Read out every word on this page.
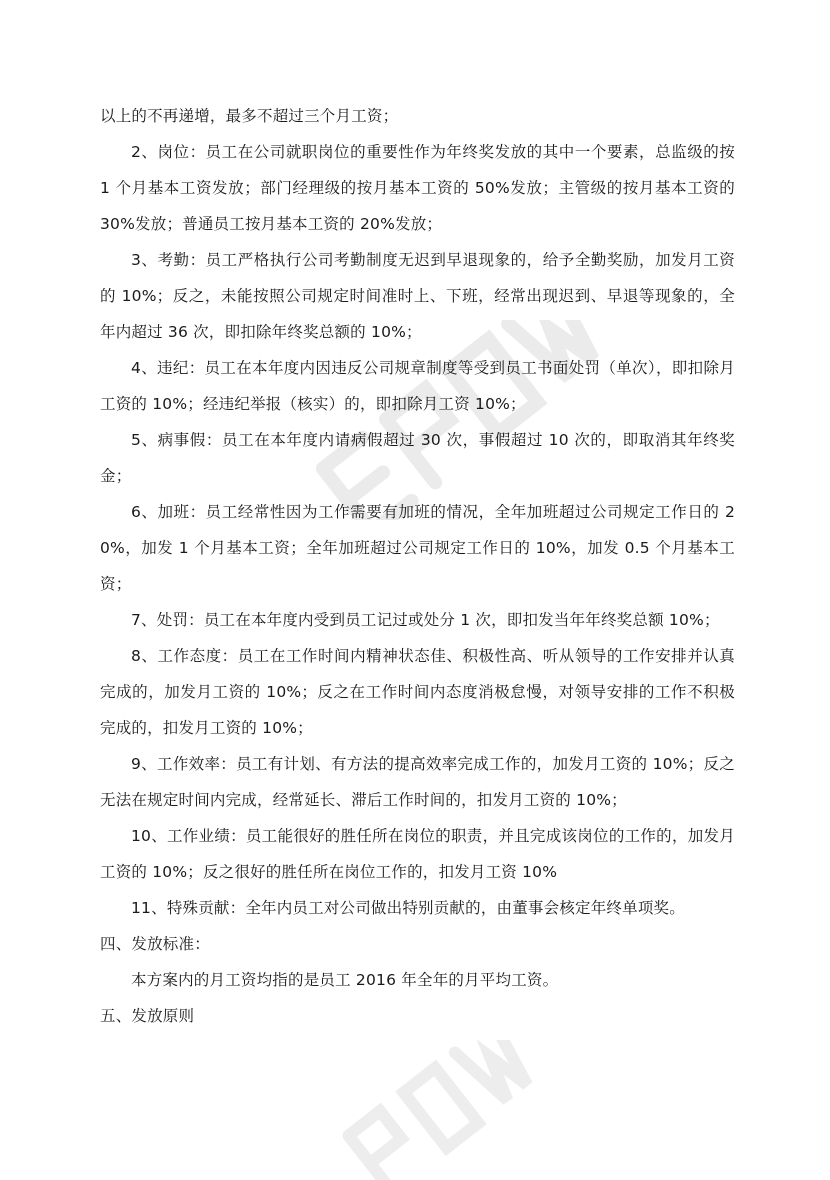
以上的不再递增，最多不超过三个月工资；

2、岗位：员工在公司就职岗位的重要性作为年终奖发放的其中一个要素，总监级的按 1 个月基本工资发放；部门经理级的按月基本工资的 50%发放；主管级的按月基本工资的 30%发放；普通员工按月基本工资的 20%发放；

3、考勤：员工严格执行公司考勤制度无迟到早退现象的，给予全勤奖励，加发月工资的 10%；反之，未能按照公司规定时间准时上、下班，经常出现迟到、早退等现象的，全年内超过 36 次，即扣除年终奖总额的 10%；

4、违纪：员工在本年度内因违反公司规章制度等受到员工书面处罚（单次），即扣除月工资的 10%；经违纪举报（核实）的，即扣除月工资 10%；

5、病事假：员工在本年度内请病假超过 30 次，事假超过 10 次的，即取消其年终奖金；

6、加班：员工经常性因为工作需要有加班的情况，全年加班超过公司规定工作日的 20%，加发 1 个月基本工资；全年加班超过公司规定工作日的 10%，加发 0.5 个月基本工资；

7、处罚：员工在本年度内受到员工记过或处分 1 次，即扣发当年年终奖总额 10%；

8、工作态度：员工在工作时间内精神状态佳、积极性高、听从领导的工作安排并认真完成的，加发月工资的 10%；反之在工作时间内态度消极怠慢，对领导安排的工作不积极完成的，扣发月工资的 10%；

9、工作效率：员工有计划、有方法的提高效率完成工作的，加发月工资的 10%；反之无法在规定时间内完成，经常延长、滞后工作时间的，扣发月工资的 10%；

10、工作业绩：员工能很好的胜任所在岗位的职责，并且完成该岗位的工作的，加发月工资的 10%；反之很好的胜任所在岗位工作的，扣发月工资 10%

11、特殊贡献：全年内员工对公司做出特别贡献的，由董事会核定年终单项奖。

四、发放标准：

本方案内的月工资均指的是员工 2016 年全年的月平均工资。

五、发放原则
